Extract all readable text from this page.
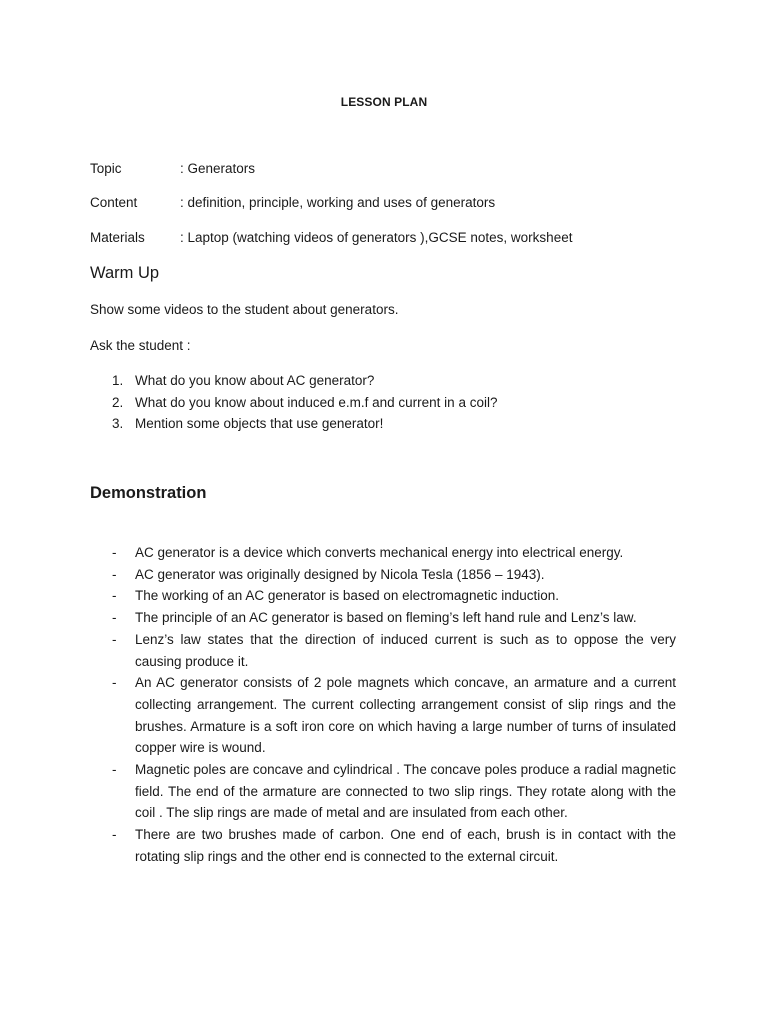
LESSON PLAN
Topic	: Generators
Content	: definition, principle, working and uses of generators
Materials	: Laptop (watching videos of generators ),GCSE notes, worksheet
Warm Up

Show some videos to the student about generators.

Ask the student :

1. What do you know about AC generator?
2. What do you know about induced e.m.f and current in a coil?
3. Mention some objects that use generator!
Demonstration
- AC generator is a device which converts mechanical energy into electrical energy.
- AC generator was originally designed by Nicola Tesla (1856 – 1943).
- The working of an AC generator is based on electromagnetic induction.
- The principle of an AC generator is based on fleming’s left hand rule and Lenz’s law.
- Lenz’s law states that the direction of induced current is such as to oppose the very causing produce it.
- An AC generator consists of 2 pole magnets which concave, an armature and a current collecting arrangement. The current collecting arrangement consist of slip rings and the brushes. Armature is a soft iron core on which having a large number of turns of insulated copper wire is wound.
- Magnetic poles are concave and cylindrical . The concave poles produce a radial magnetic field. The end of the armature are connected to two slip rings. They rotate along with the coil . The slip rings are made of metal and are insulated from each other.
- There are two brushes made of carbon. One end of each, brush is in contact with the rotating slip rings and the other end is connected to the external circuit.
